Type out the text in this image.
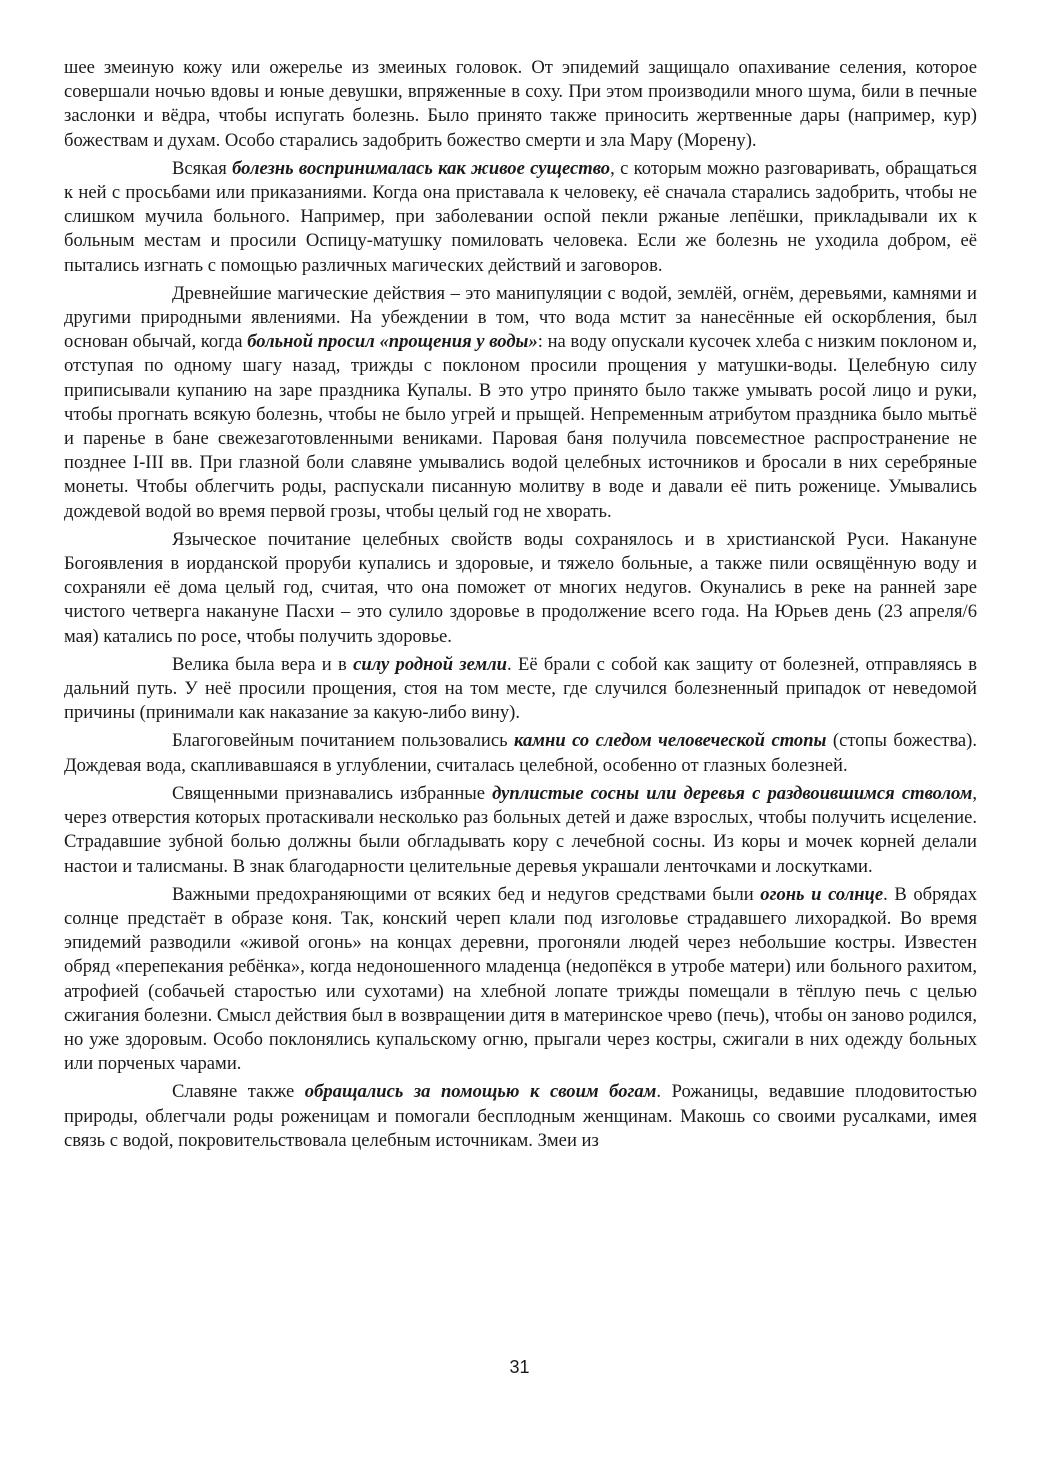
шее змеиную кожу или ожерелье из змеиных головок. От эпидемий защищало опахивание селения, которое совершали ночью вдовы и юные девушки, впряженные в соху. При этом производили много шума, били в печные заслонки и вёдра, чтобы испугать болезнь. Было принято также приносить жертвенные дары (например, кур) божествам и духам. Особо старались задобрить божество смерти и зла Мару (Морену).

Всякая болезнь воспринималась как живое существо, с которым можно разговаривать, обращаться к ней с просьбами или приказаниями. Когда она приставала к человеку, её сначала старались задобрить, чтобы не слишком мучила больного. Например, при заболевании оспой пекли ржаные лепёшки, прикладывали их к больным местам и просили Оспицу-матушку помиловать человека. Если же болезнь не уходила добром, её пытались изгнать с помощью различных магических действий и заговоров.

Древнейшие магические действия – это манипуляции с водой, землёй, огнём, деревьями, камнями и другими природными явлениями. На убеждении в том, что вода мстит за нанесённые ей оскорбления, был основан обычай, когда больной просил «прощения у воды»: на воду опускали кусочек хлеба с низким поклоном и, отступая по одному шагу назад, трижды с поклоном просили прощения у матушки-воды. Целебную силу приписывали купанию на заре праздника Купалы. В это утро принято было также умывать росой лицо и руки, чтобы прогнать всякую болезнь, чтобы не было угрей и прыщей. Непременным атрибутом праздника было мытьё и паренье в бане свежезаготовленными вениками. Паровая баня получила повсеместное распространение не позднее I-III вв. При глазной боли славяне умывались водой целебных источников и бросали в них серебряные монеты. Чтобы облегчить роды, распускали писанную молитву в воде и давали её пить роженице. Умывались дождевой водой во время первой грозы, чтобы целый год не хворать.

Языческое почитание целебных свойств воды сохранялось и в христианской Руси. Накануне Богоявления в иорданской проруби купались и здоровые, и тяжело больные, а также пили освящённую воду и сохраняли её дома целый год, считая, что она поможет от многих недугов. Окунались в реке на ранней заре чистого четверга накануне Пасхи – это сулило здоровье в продолжение всего года. На Юрьев день (23 апреля/6 мая) катались по росе, чтобы получить здоровье.

Велика была вера и в силу родной земли. Её брали с собой как защиту от болезней, отправляясь в дальний путь. У неё просили прощения, стоя на том месте, где случился болезненный припадок от неведомой причины (принимали как наказание за какую-либо вину).

Благоговейным почитанием пользовались камни со следом человеческой стопы (стопы божества). Дождевая вода, скапливавшаяся в углублении, считалась целебной, особенно от глазных болезней.

Священными признавались избранные дуплистые сосны или деревья с раздвоившимся стволом, через отверстия которых протаскивали несколько раз больных детей и даже взрослых, чтобы получить исцеление. Страдавшие зубной болью должны были обгладывать кору с лечебной сосны. Из коры и мочек корней делали настои и талисманы. В знак благодарности целительные деревья украшали ленточками и лоскутками.

Важными предохраняющими от всяких бед и недугов средствами были огонь и солнце. В обрядах солнце предстаёт в образе коня. Так, конский череп клали под изголовье страдавшего лихорадкой. Во время эпидемий разводили «живой огонь» на концах деревни, прогоняли людей через небольшие костры. Известен обряд «перепекания ребёнка», когда недоношенного младенца (недопёкся в утробе матери) или больного рахитом, атрофией (собачьей старостью или сухотами) на хлебной лопате трижды помещали в тёплую печь с целью сжигания болезни. Смысл действия был в возвращении дитя в материнское чрево (печь), чтобы он заново родился, но уже здоровым. Особо поклонялись купальскому огню, прыгали через костры, сжигали в них одежду больных или порченых чарами.

Славяне также обращались за помощью к своим богам. Рожаницы, ведавшие плодовитостью природы, облегчали роды роженицам и помогали бесплодным женщинам. Макошь со своими русалками, имея связь с водой, покровительствовала целебным источникам. Змеи из

31
